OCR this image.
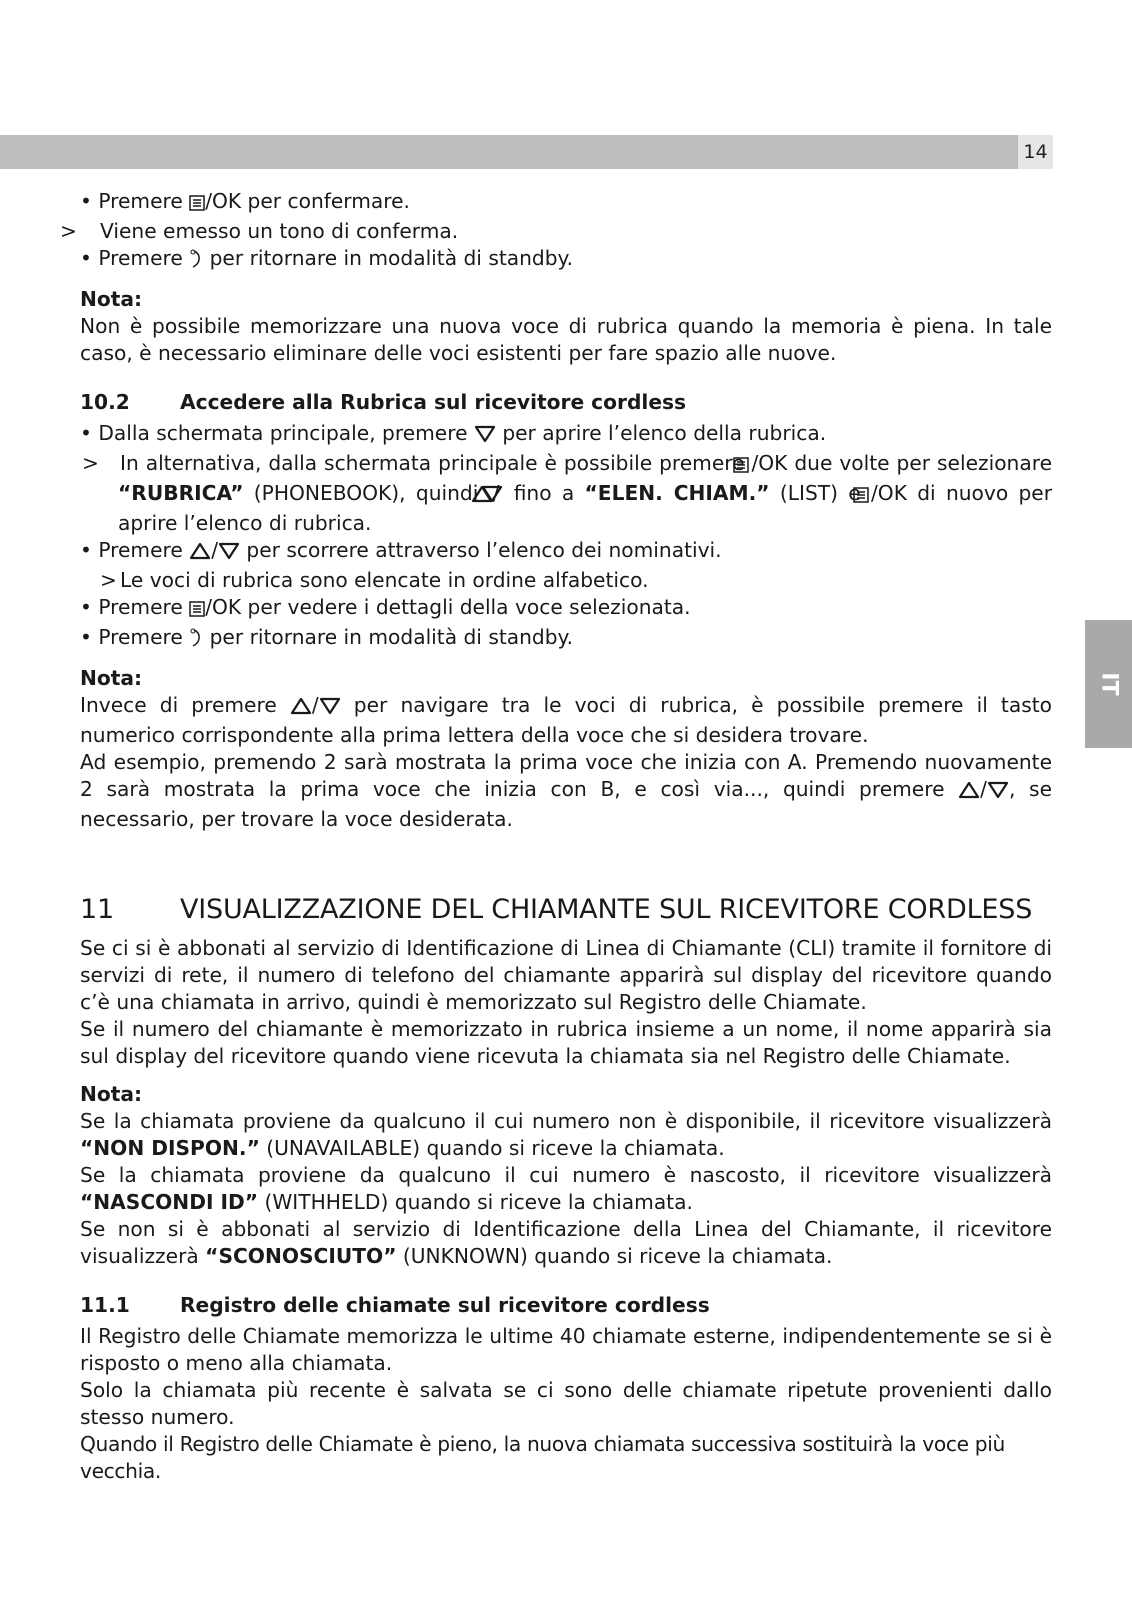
14
IT

• Premere /OK per confermare.

> Viene emesso un tono di conferma.

• Premere  per ritornare in modalità di standby.

Nota:

Non è possibile memorizzare una nuova voce di rubrica quando la memoria è piena. In tale caso, è necessario eliminare delle voci esistenti per fare spazio alle nuove.

10.2 Accedere alla Rubrica sul ricevitore cordless

• Dalla schermata principale, premere  per aprire l’elenco della rubrica.

> In alternativa, dalla schermata principale è possibile premere /OK due volte per selezionare “RUBRICA” (PHONEBOOK), quindi / fino a “ELEN. CHIAM.” (LIST) e /OK di nuovo per aprire l’elenco di rubrica.

• Premere / per scorrere attraverso l’elenco dei nominativi.

> Le voci di rubrica sono elencate in ordine alfabetico.

• Premere /OK per vedere i dettagli della voce selezionata.

• Premere  per ritornare in modalità di standby.

Nota:

Invece di premere / per navigare tra le voci di rubrica, è possibile premere il tasto numerico corrispondente alla prima lettera della voce che si desidera trovare.

Ad esempio, premendo 2 sarà mostrata la prima voce che inizia con A. Premendo nuovamente 2 sarà mostrata la prima voce che inizia con B, e così via..., quindi premere / , se necessario, per trovare la voce desiderata.

11 VISUALIZZAZIONE DEL CHIAMANTE SUL RICEVITORE CORDLESS

Se ci si è abbonati al servizio di Identificazione di Linea di Chiamante (CLI) tramite il fornitore di servizi di rete, il numero di telefono del chiamante apparirà sul display del ricevitore quando c’è una chiamata in arrivo, quindi è memorizzato sul Registro delle Chiamate.

Se il numero del chiamante è memorizzato in rubrica insieme a un nome, il nome apparirà sia sul display del ricevitore quando viene ricevuta la chiamata sia nel Registro delle Chiamate.

Nota:

Se la chiamata proviene da qualcuno il cui numero non è disponibile, il ricevitore visualizzerà “NON DISPON.” (UNAVAILABLE) quando si riceve la chiamata.

Se la chiamata proviene da qualcuno il cui numero è nascosto, il ricevitore visualizzerà “NASCONDI ID” (WITHHELD) quando si riceve la chiamata.

Se non si è abbonati al servizio di Identificazione della Linea del Chiamante, il ricevitore visualizzerà “SCONOSCIUTO” (UNKNOWN) quando si riceve la chiamata.

11.1 Registro delle chiamate sul ricevitore cordless

Il Registro delle Chiamate memorizza le ultime 40 chiamate esterne, indipendentemente se si è risposto o meno alla chiamata.

Solo la chiamata più recente è salvata se ci sono delle chiamate ripetute provenienti dallo stesso numero.

Quando il Registro delle Chiamate è pieno, la nuova chiamata successiva sostituirà la voce più vecchia.
